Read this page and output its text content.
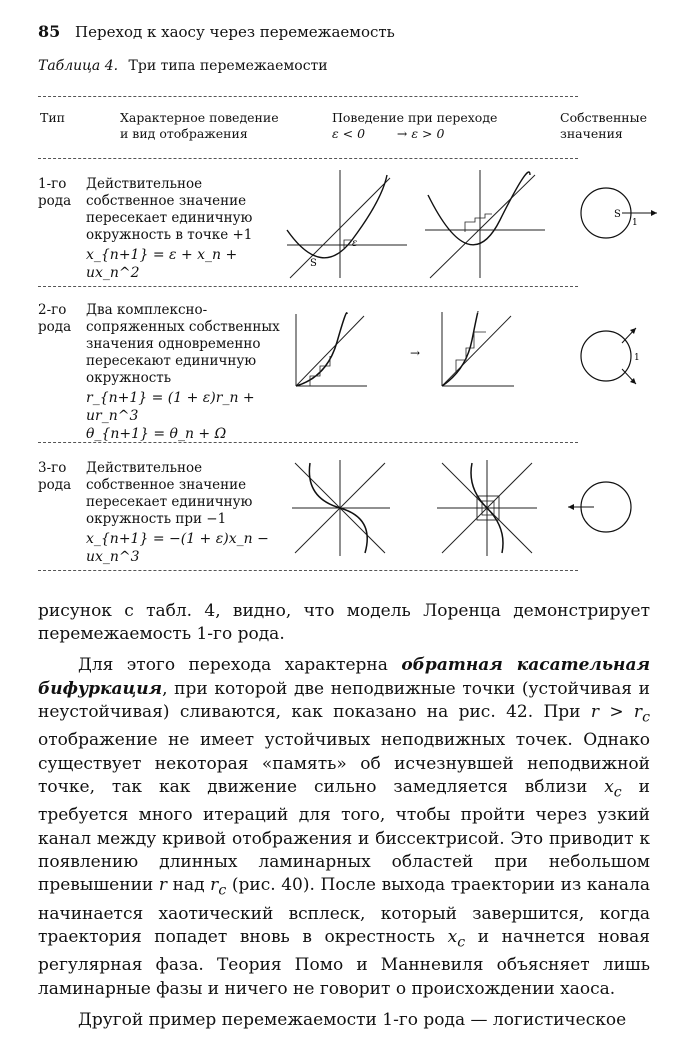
85 Переход к хаосу через перемежаемость
Таблица 4. Три типа перемежаемости
Тип	Характерное поведение
и вид отображения
Поведение при переходе
ε < 0        → ε > 0
Собственные
значения
1-го
рода
Действительное собственное значение пересекает единичную окружность в точке +1
x_{n+1} = ε + x_n + ux_n^2
S
ε
S
1
2-го
рода
Два комплексно-сопряженных собственных значения одновременно пересекают единичную окружность
r_{n+1} = (1 + ε)r_n + ur_n^3
θ_{n+1} = θ_n + Ω
→	1
3-го
рода
Действительное собственное значение пересекает единичную окружность при −1
x_{n+1} = −(1 + ε)x_n − ux_n^3

рисунок с табл. 4, видно, что модель Лоренца демонстрирует перемежаемость 1-го рода.

Для этого перехода характерна обратная касательная бифуркация, при которой две неподвижные точки (устойчивая и неустойчивая) сливаются, как показано на рис. 42. При $r > r_c$ отображение не имеет устойчивых неподвижных точек. Однако существует некоторая «память» об исчезнувшей неподвижной точке, так как движение сильно замедляется вблизи $x_c$ и требуется много итераций для того, чтобы пройти через узкий канал между кривой отображения и биссектрисой. Это приводит к появлению длинных ламинарных областей при небольшом превышении r над $r_c$ (рис. 40). После выхода траектории из канала начинается хаотический всплеск, который завершится, когда траектория попадет вновь в окрестность $x_c$ и начнется новая регулярная фаза. Теория Помо и Манневиля объясняет лишь ламинарные фазы и ничего не говорит о происхождении хаоса.

Другой пример перемежаемости 1-го рода — логистическое
